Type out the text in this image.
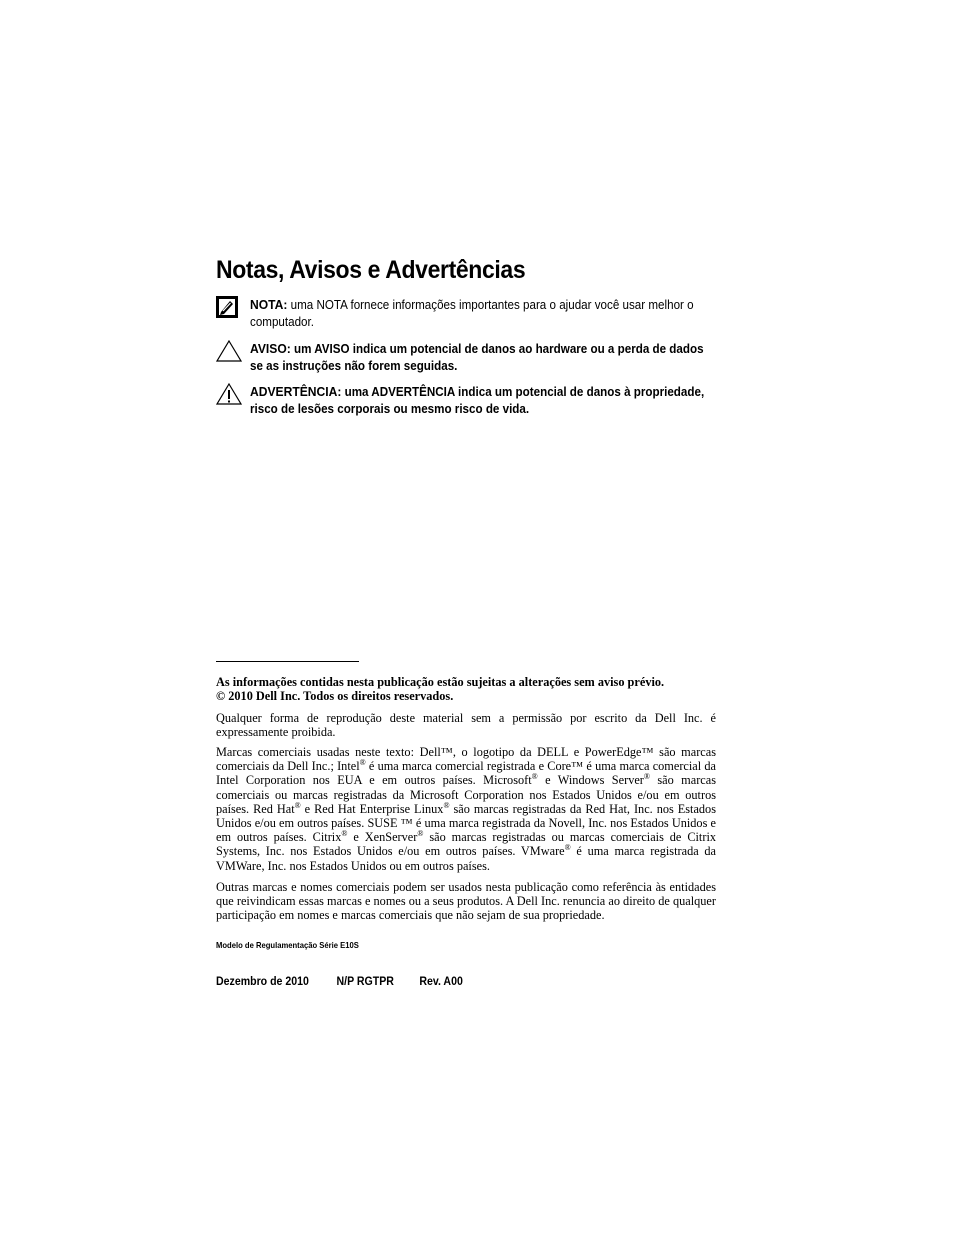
Notas, Avisos e Advertências
NOTA: uma NOTA fornece informações importantes para o ajudar você usar melhor o computador.
AVISO: um AVISO indica um potencial de danos ao hardware ou a perda de dados se as instruções não forem seguidas.
ADVERTÊNCIA: uma ADVERTÊNCIA indica um potencial de danos à propriedade, risco de lesões corporais ou mesmo risco de vida.

As informações contidas nesta publicação estão sujeitas a alterações sem aviso prévio.

© 2010 Dell Inc. Todos os direitos reservados.

Qualquer forma de reprodução deste material sem a permissão por escrito da Dell Inc. é expressamente proibida.

Marcas comerciais usadas neste texto: Dell™, o logotipo da DELL e PowerEdge™ são marcas comerciais da Dell Inc.; Intel® é uma marca comercial registrada e Core™ é uma marca comercial da Intel Corporation nos EUA e em outros países. Microsoft® e Windows Server® são marcas comerciais ou marcas registradas da Microsoft Corporation nos Estados Unidos e/ou em outros países. Red Hat® e Red Hat Enterprise Linux® são marcas registradas da Red Hat, Inc. nos Estados Unidos e/ou em outros países. SUSE ™ é uma marca registrada da Novell, Inc. nos Estados Unidos e em outros países. Citrix® e XenServer® são marcas registradas ou marcas comerciais de Citrix Systems, Inc. nos Estados Unidos e/ou em outros países. VMware® é uma marca registrada da VMWare, Inc. nos Estados Unidos ou em outros países.

Outras marcas e nomes comerciais podem ser usados nesta publicação como referência às entidades que reivindicam essas marcas e nomes ou a seus produtos. A Dell Inc. renuncia ao direito de qualquer participação em nomes e marcas comerciais que não sejam de sua propriedade.

Modelo de Regulamentação Série E10S
Dezembro de 2010 N/P RGTPR Rev. A00
